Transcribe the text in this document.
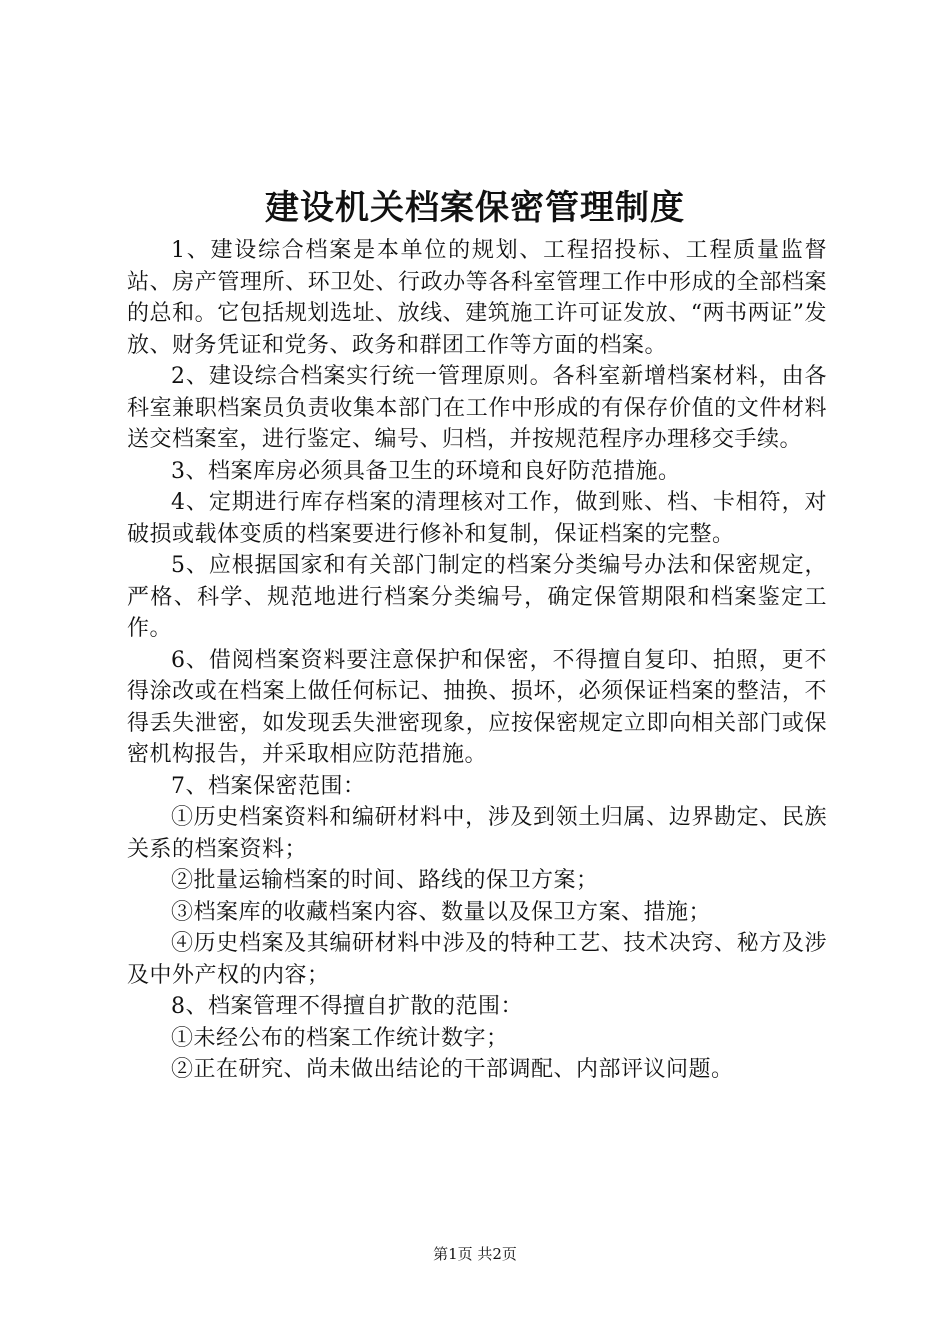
建设机关档案保密管理制度

1、建设综合档案是本单位的规划、工程招投标、工程质量监督站、房产管理所、环卫处、行政办等各科室管理工作中形成的全部档案的总和。它包括规划选址、放线、建筑施工许可证发放、“两书两证”发放、财务凭证和党务、政务和群团工作等方面的档案。

2、建设综合档案实行统一管理原则。各科室新增档案材料，由各科室兼职档案员负责收集本部门在工作中形成的有保存价值的文件材料送交档案室，进行鉴定、编号、归档，并按规范程序办理移交手续。

3、档案库房必须具备卫生的环境和良好防范措施。

4、定期进行库存档案的清理核对工作，做到账、档、卡相符，对破损或载体变质的档案要进行修补和复制，保证档案的完整。

5、应根据国家和有关部门制定的档案分类编号办法和保密规定，严格、科学、规范地进行档案分类编号，确定保管期限和档案鉴定工作。

6、借阅档案资料要注意保护和保密，不得擅自复印、拍照，更不得涂改或在档案上做任何标记、抽换、损坏，必须保证档案的整洁，不得丢失泄密，如发现丢失泄密现象，应按保密规定立即向相关部门或保密机构报告，并采取相应防范措施。

7、档案保密范围：

①历史档案资料和编研材料中，涉及到领土归属、边界勘定、民族关系的档案资料；

②批量运输档案的时间、路线的保卫方案；

③档案库的收藏档案内容、数量以及保卫方案、措施；

④历史档案及其编研材料中涉及的特种工艺、技术决窍、秘方及涉及中外产权的内容；

8、档案管理不得擅自扩散的范围：

①未经公布的档案工作统计数字；

②正在研究、尚未做出结论的干部调配、内部评议问题。

第1页 共2页
